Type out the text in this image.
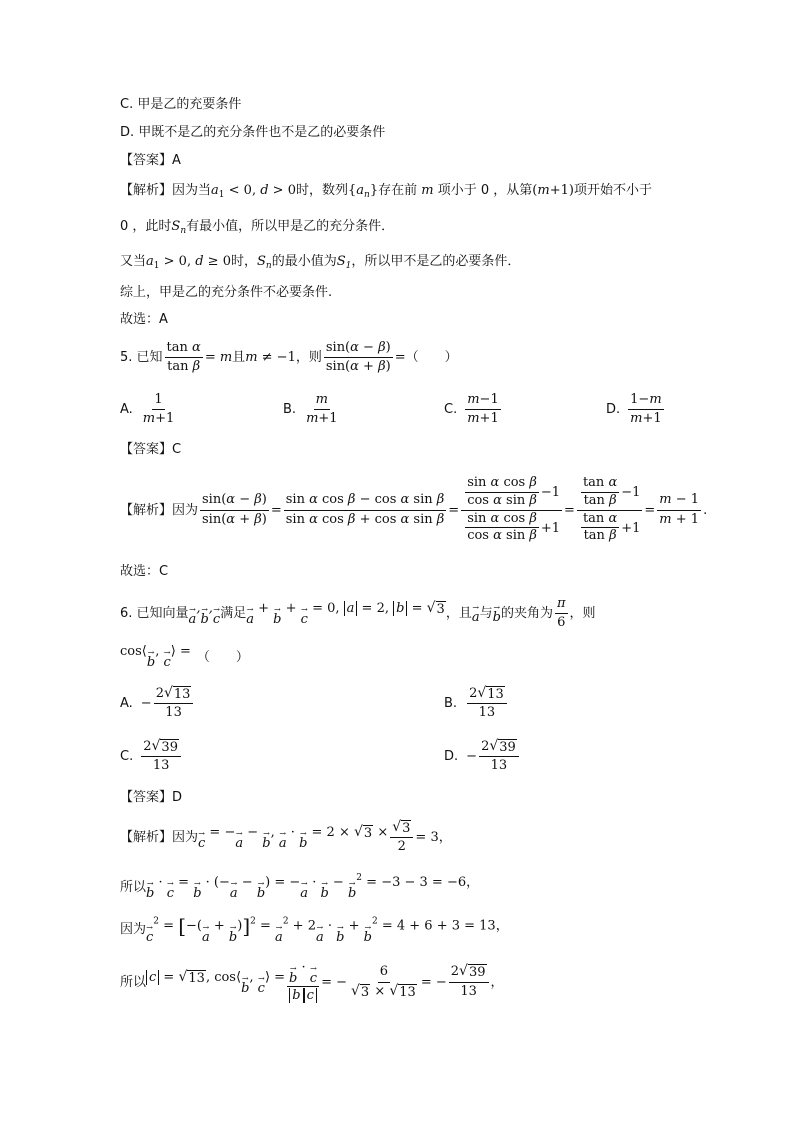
C. 甲是乙的充要条件
D. 甲既不是乙的充分条件也不是乙的必要条件
【答案】A
【解析】因为当$a_1 < 0$, d > 0时，数列$\{a_n\}$存在前 m 项小于 0 ，从第(m+1)项开始不小于
0 ，此时$S_n$有最小值，所以甲是乙的充分条件．
又当$a_1 > 0$, d ≥ 0时，$S_n$的最小值为$S_1$，所以甲不是乙的必要条件．
综上，甲是乙的充分条件不必要条件.
故选：A
5. 已知 $\frac{\text{tan α}}{\text{tan β}} = m$ 且 m ≠ −1 ，则 $\frac{\sin(\alpha - \beta)}{\sin(\alpha + \beta)}$ = （　　）
A. $\frac{1}{m+1}$	B. $\frac{m}{m+1}$	C. $\frac{m-1}{m+1}$	D. $\frac{1-m}{m+1}$
【答案】C
【解析】因为 $\frac{\sin(\alpha - \beta)}{\sin(\alpha + \beta)} = \frac{\text{sin α cos β − cos α sin β}}{\text{sin α cos β + cos α sin β}} = \frac{\frac{\text{sin α cos β}}{\text{cos α sin β}} -1}{\frac{\text{sin α cos β}}{\text{cos α sin β}} +1} = \frac{\frac{\text{tan α}}{\text{tan β}} -1}{\frac{\text{tan α}}{\text{tan β}} +1} = \frac{m - 1}{m + 1}$ .
故选：C
6. 已知向量 →
a, →
b, →
c 满足 →
a + →
b + →
c = 0, a = 2, b = √ 3 ，且 →
a 与 →
b 的夹角为 $\frac{\pi}{6}$ ，则
cos⟨ →
b, →
c⟩ = （　　）
A. − $\frac{2 √ 13}{13}$	B. $\frac{2 √ 13}{13}$
C. $\frac{2 √ 39}{13}$	D. − $\frac{2 √ 39}{13}$
【答案】D
【解析】因为 →
c = − →
a − →
b, →
a · →
b = 2 × √ $3 \times \frac{√ 3}{2} = 3$，
所以 →
b · →
c = →
b · (− →
a − →
b) = − →
a · →
b − →
$b^2 = -3 - 3 = -6$，
因为 →
$c^2$ = [−( →
a + →
b)]$^2$ = →
$a^2 + 2$ →
a · →
b + →
$b^2 = 4 + 6 + 3 = 13$，
所以 c = √ 13 , cos⟨ →
b, →
c⟩ = →
b · →
c
b c = − $\frac{6}{√ 3 \times √ 13}$ = − $\frac{2 √ 39}{13}$ ，
